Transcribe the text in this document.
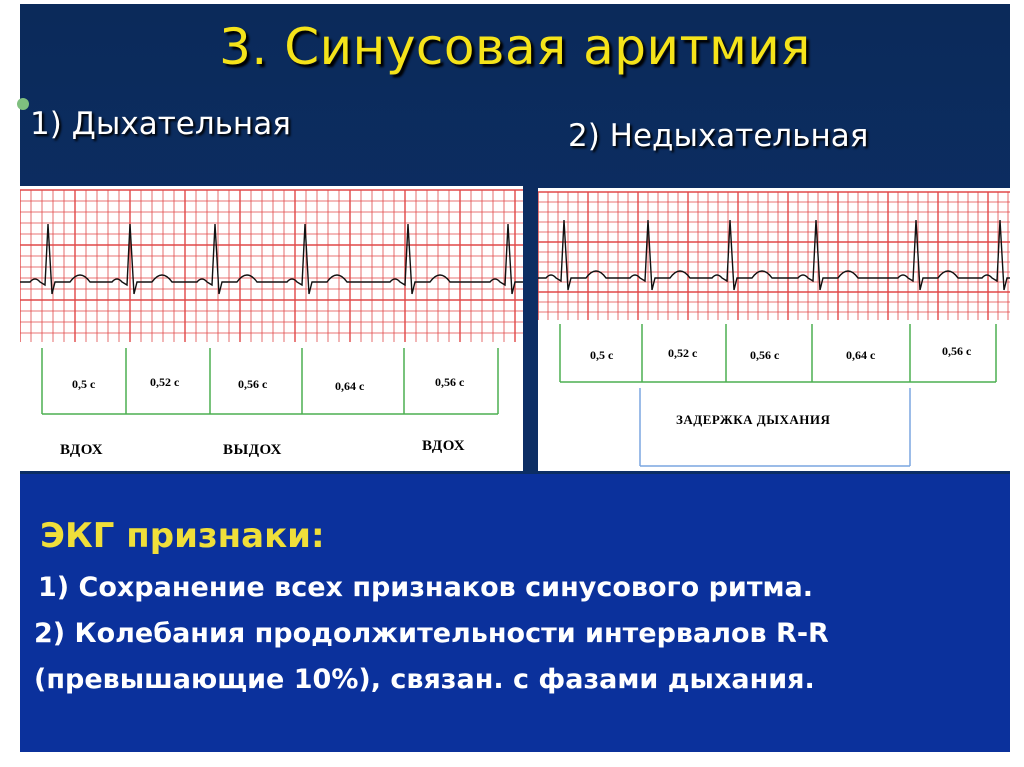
3. Синусовая аритмия
1) Дыхательная	2) Недыхательная
0,5 с	0,52 с	0,56 с	0,64 с	0,56 с
ВДОХ	ВЫДОХ	ВДОХ
0,5 с	0,52 с	0,56 с	0,64 с	0,56 с
ЗАДЕРЖКА ДЫХАНИЯ
ЭКГ признаки:
1) Сохранение всех признаков синусового ритма.
2) Колебания продолжительности интервалов R-R
(превышающие 10%), связан. с фазами дыхания.
